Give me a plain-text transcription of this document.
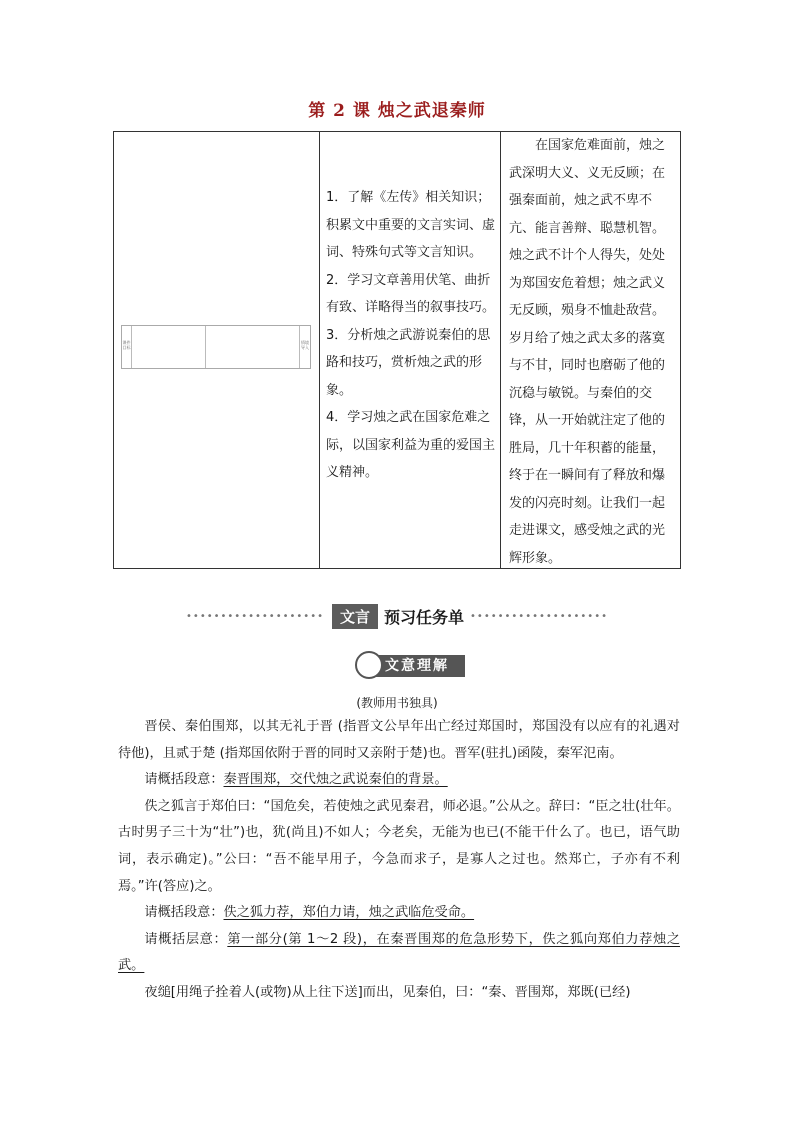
第 2 课 烛之武退秦师
课件目标
情境导入

1．了解《左传》相关知识；积累文中重要的文言实词、虚词、特殊句式等文言知识。

2．学习文章善用伏笔、曲折有致、详略得当的叙事技巧。

3．分析烛之武游说秦伯的思路和技巧，赏析烛之武的形象。

4．学习烛之武在国家危难之际，以国家利益为重的爱国主义精神。

在国家危难面前，烛之武深明大义、义无反顾；在强秦面前，烛之武不卑不亢、能言善辩、聪慧机智。烛之武不计个人得失，处处为郑国安危着想；烛之武义无反顾，殒身不恤赴敌营。岁月给了烛之武太多的落寞与不甘，同时也磨砺了他的沉稳与敏锐。与秦伯的交锋，从一开始就注定了他的胜局，几十年积蓄的能量，终于在一瞬间有了释放和爆发的闪亮时刻。让我们一起走进课文，感受烛之武的光辉形象。

••••••••••••••••••••	文言 预习任务单 ••••••••••••••••••••
文意理解
(教师用书独具)

晋侯、秦伯围郑，以其无礼于晋 (指晋文公早年出亡经过郑国时，郑国没有以应有的礼遇对待他)，且贰于楚 (指郑国依附于晋的同时又亲附于楚)也。晋军(驻扎)函陵，秦军氾南。

请概括段意：秦晋围郑，交代烛之武说秦伯的背景。

佚之狐言于郑伯曰：“国危矣，若使烛之武见秦君，师必退。”公从之。辞曰：“臣之壮(壮年。古时男子三十为“壮”)也，犹(尚且)不如人；今老矣，无能为也已(不能干什么了。也已，语气助词，表示确定)。”公曰：“吾不能早用子，今急而求子，是寡人之过也。然郑亡，子亦有不利焉。”许(答应)之。

请概括段意：佚之狐力荐，郑伯力请，烛之武临危受命。

请概括层意：第一部分(第 1～2 段)，在秦晋围郑的危急形势下，佚之狐向郑伯力荐烛之武。

夜缒[用绳子拴着人(或物)从上往下送]而出，见秦伯，曰：“秦、晋围郑，郑既(已经)
